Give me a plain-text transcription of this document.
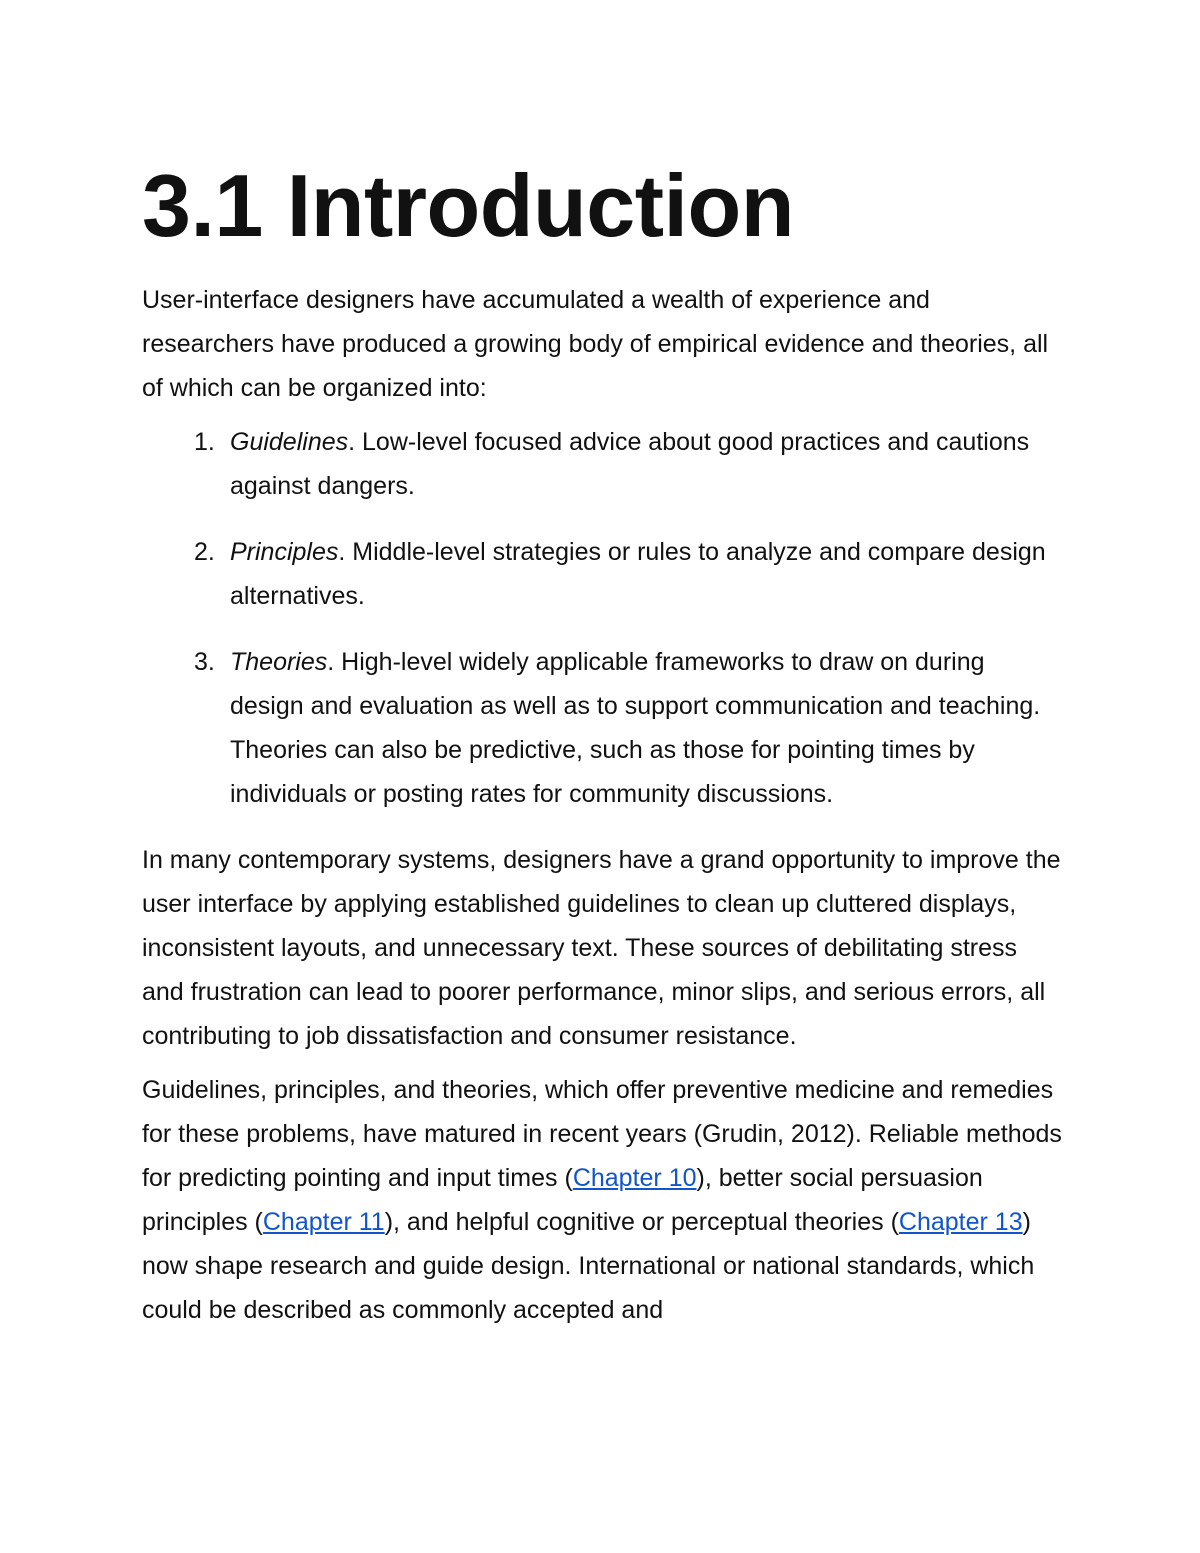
3.1 Introduction

User-interface designers have accumulated a wealth of experience and researchers have produced a growing body of empirical evidence and theories, all of which can be organized into:

1. Guidelines. Low-level focused advice about good practices and cautions against dangers.
2. Principles. Middle-level strategies or rules to analyze and compare design alternatives.
3. Theories. High-level widely applicable frameworks to draw on during design and evaluation as well as to support communication and teaching. Theories can also be predictive, such as those for pointing times by individuals or posting rates for community discussions.

In many contemporary systems, designers have a grand opportunity to improve the user interface by applying established guidelines to clean up cluttered displays, inconsistent layouts, and unnecessary text. These sources of debilitating stress and frustration can lead to poorer performance, minor slips, and serious errors, all contributing to job dissatisfaction and consumer resistance.

Guidelines, principles, and theories, which offer preventive medicine and remedies for these problems, have matured in recent years (Grudin, 2012). Reliable methods for predicting pointing and input times (Chapter 10), better social persuasion principles (Chapter 11), and helpful cognitive or perceptual theories (Chapter 13) now shape research and guide design. International or national standards, which could be described as commonly accepted and
